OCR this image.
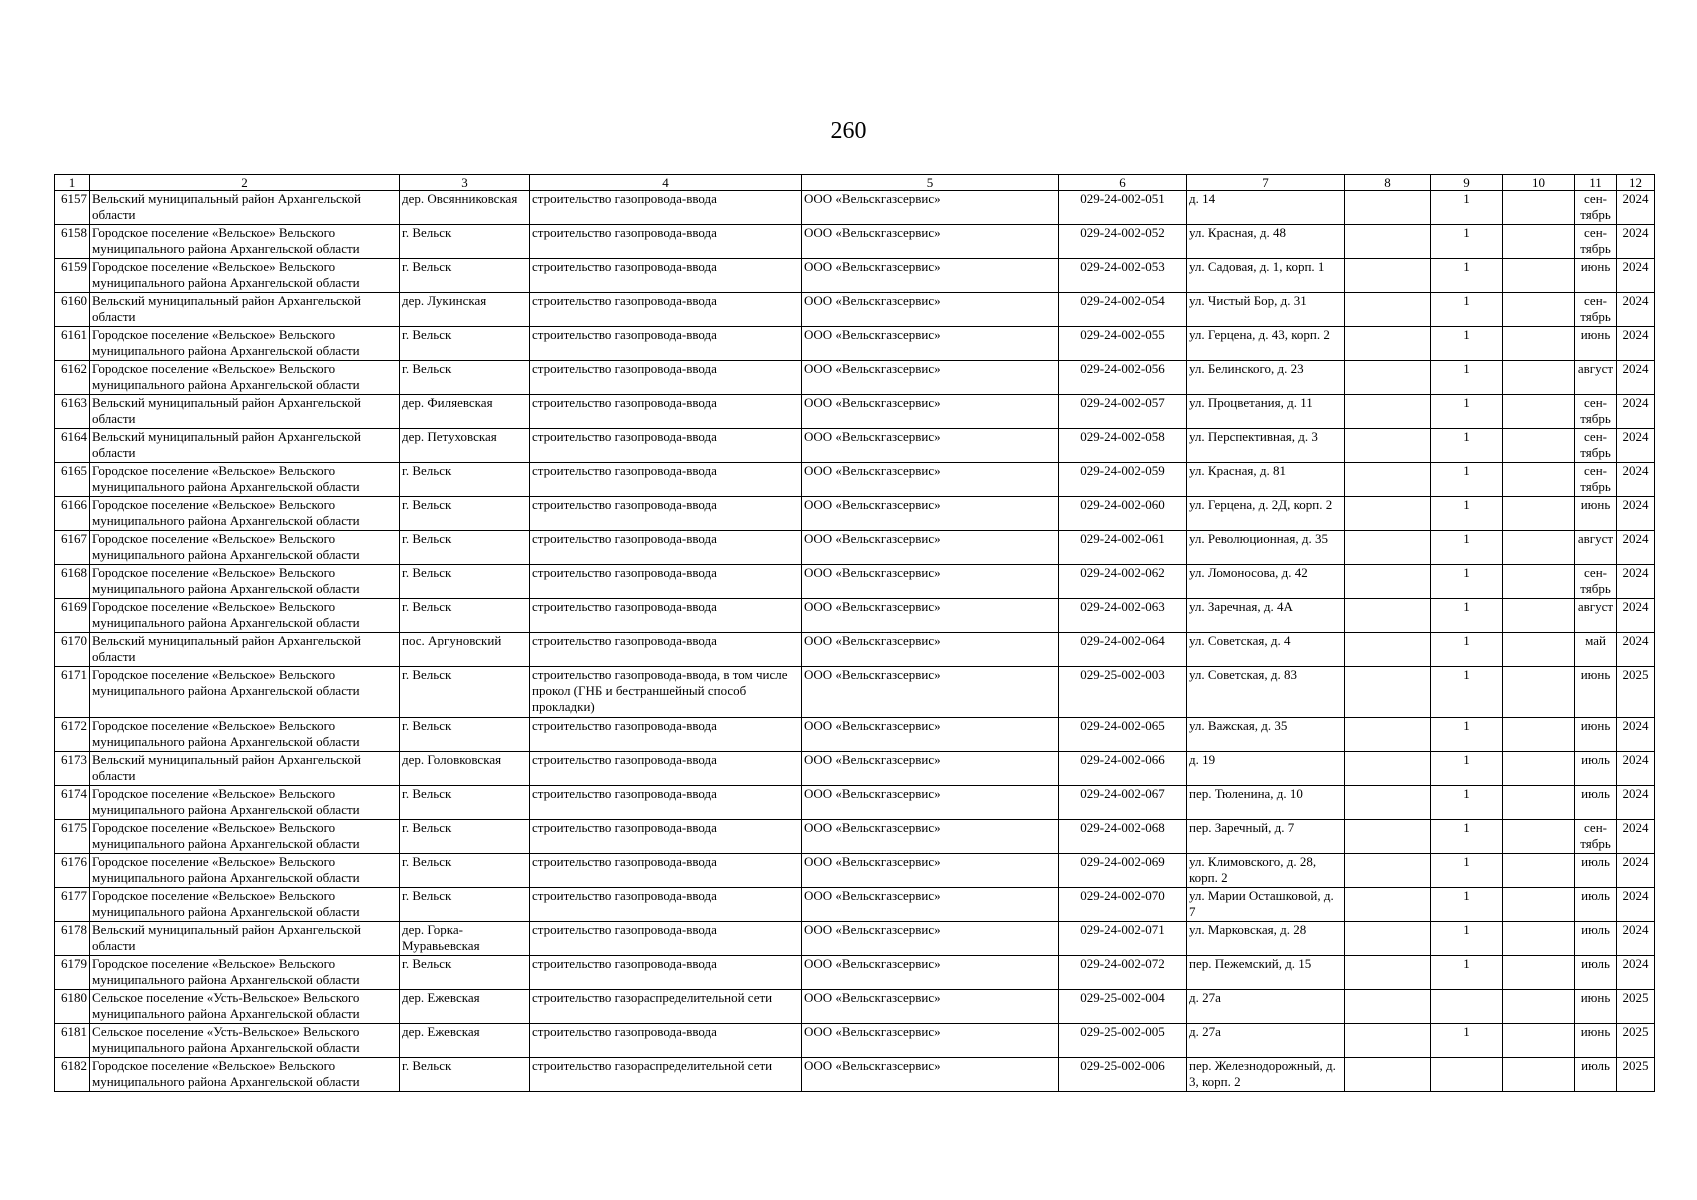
260
1	2	3	4	5	6	7	8	9	10	11	12
6157	Вельский муниципальный район Архангельской области	дер. Овсянниковская	строительство газопровода-ввода	ООО «Вельскгазсервис»	029-24-002-051	д. 14		1		сен-тябрь	2024
6158	Городское поселение «Вельское» Вельского муниципального района Архангельской области	г. Вельск	строительство газопровода-ввода	ООО «Вельскгазсервис»	029-24-002-052	ул. Красная, д. 48		1		сен-тябрь	2024
6159	Городское поселение «Вельское» Вельского муниципального района Архангельской области	г. Вельск	строительство газопровода-ввода	ООО «Вельскгазсервис»	029-24-002-053	ул. Садовая, д. 1, корп. 1		1		июнь	2024
6160	Вельский муниципальный район Архангельской области	дер. Лукинская	строительство газопровода-ввода	ООО «Вельскгазсервис»	029-24-002-054	ул. Чистый Бор, д. 31		1		сен-тябрь	2024
6161	Городское поселение «Вельское» Вельского муниципального района Архангельской области	г. Вельск	строительство газопровода-ввода	ООО «Вельскгазсервис»	029-24-002-055	ул. Герцена, д. 43, корп. 2		1		июнь	2024
6162	Городское поселение «Вельское» Вельского муниципального района Архангельской области	г. Вельск	строительство газопровода-ввода	ООО «Вельскгазсервис»	029-24-002-056	ул. Белинского, д. 23		1		август	2024
6163	Вельский муниципальный район Архангельской области	дер. Филяевская	строительство газопровода-ввода	ООО «Вельскгазсервис»	029-24-002-057	ул. Процветания, д. 11		1		сен-тябрь	2024
6164	Вельский муниципальный район Архангельской области	дер. Петуховская	строительство газопровода-ввода	ООО «Вельскгазсервис»	029-24-002-058	ул. Перспективная, д. 3		1		сен-тябрь	2024
6165	Городское поселение «Вельское» Вельского муниципального района Архангельской области	г. Вельск	строительство газопровода-ввода	ООО «Вельскгазсервис»	029-24-002-059	ул. Красная, д. 81		1		сен-тябрь	2024
6166	Городское поселение «Вельское» Вельского муниципального района Архангельской области	г. Вельск	строительство газопровода-ввода	ООО «Вельскгазсервис»	029-24-002-060	ул. Герцена, д. 2Д, корп. 2		1		июнь	2024
6167	Городское поселение «Вельское» Вельского муниципального района Архангельской области	г. Вельск	строительство газопровода-ввода	ООО «Вельскгазсервис»	029-24-002-061	ул. Революционная, д. 35		1		август	2024
6168	Городское поселение «Вельское» Вельского муниципального района Архангельской области	г. Вельск	строительство газопровода-ввода	ООО «Вельскгазсервис»	029-24-002-062	ул. Ломоносова, д. 42		1		сен-тябрь	2024
6169	Городское поселение «Вельское» Вельского муниципального района Архангельской области	г. Вельск	строительство газопровода-ввода	ООО «Вельскгазсервис»	029-24-002-063	ул. Заречная, д. 4А		1		август	2024
6170	Вельский муниципальный район Архангельской области	пос. Аргуновский	строительство газопровода-ввода	ООО «Вельскгазсервис»	029-24-002-064	ул. Советская, д. 4		1		май	2024
6171	Городское поселение «Вельское» Вельского муниципального района Архангельской области	г. Вельск	строительство газопровода-ввода, в том числе прокол (ГНБ и бестраншейный способ прокладки)	ООО «Вельскгазсервис»	029-25-002-003	ул. Советская, д. 83		1		июнь	2025
6172	Городское поселение «Вельское» Вельского муниципального района Архангельской области	г. Вельск	строительство газопровода-ввода	ООО «Вельскгазсервис»	029-24-002-065	ул. Важская, д. 35		1		июнь	2024
6173	Вельский муниципальный район Архангельской области	дер. Головковская	строительство газопровода-ввода	ООО «Вельскгазсервис»	029-24-002-066	д. 19		1		июль	2024
6174	Городское поселение «Вельское» Вельского муниципального района Архангельской области	г. Вельск	строительство газопровода-ввода	ООО «Вельскгазсервис»	029-24-002-067	пер. Тюленина, д. 10		1		июль	2024
6175	Городское поселение «Вельское» Вельского муниципального района Архангельской области	г. Вельск	строительство газопровода-ввода	ООО «Вельскгазсервис»	029-24-002-068	пер. Заречный, д. 7		1		сен-тябрь	2024
6176	Городское поселение «Вельское» Вельского муниципального района Архангельской области	г. Вельск	строительство газопровода-ввода	ООО «Вельскгазсервис»	029-24-002-069	ул. Климовского, д. 28, корп. 2		1		июль	2024
6177	Городское поселение «Вельское» Вельского муниципального района Архангельской области	г. Вельск	строительство газопровода-ввода	ООО «Вельскгазсервис»	029-24-002-070	ул. Марии Осташковой, д. 7		1		июль	2024
6178	Вельский муниципальный район Архангельской области	дер. Горка-Муравьевская	строительство газопровода-ввода	ООО «Вельскгазсервис»	029-24-002-071	ул. Марковская, д. 28		1		июль	2024
6179	Городское поселение «Вельское» Вельского муниципального района Архангельской области	г. Вельск	строительство газопровода-ввода	ООО «Вельскгазсервис»	029-24-002-072	пер. Пежемский, д. 15		1		июль	2024
6180	Сельское поселение «Усть-Вельское» Вельского муниципального района Архангельской области	дер. Ежевская	строительство газораспределительной сети	ООО «Вельскгазсервис»	029-25-002-004	д. 27а				июнь	2025
6181	Сельское поселение «Усть-Вельское» Вельского муниципального района Архангельской области	дер. Ежевская	строительство газопровода-ввода	ООО «Вельскгазсервис»	029-25-002-005	д. 27а		1		июнь	2025
6182	Городское поселение «Вельское» Вельского муниципального района Архангельской области	г. Вельск	строительство газораспределительной сети	ООО «Вельскгазсервис»	029-25-002-006	пер. Железнодорожный, д. 3, корп. 2				июль	2025
